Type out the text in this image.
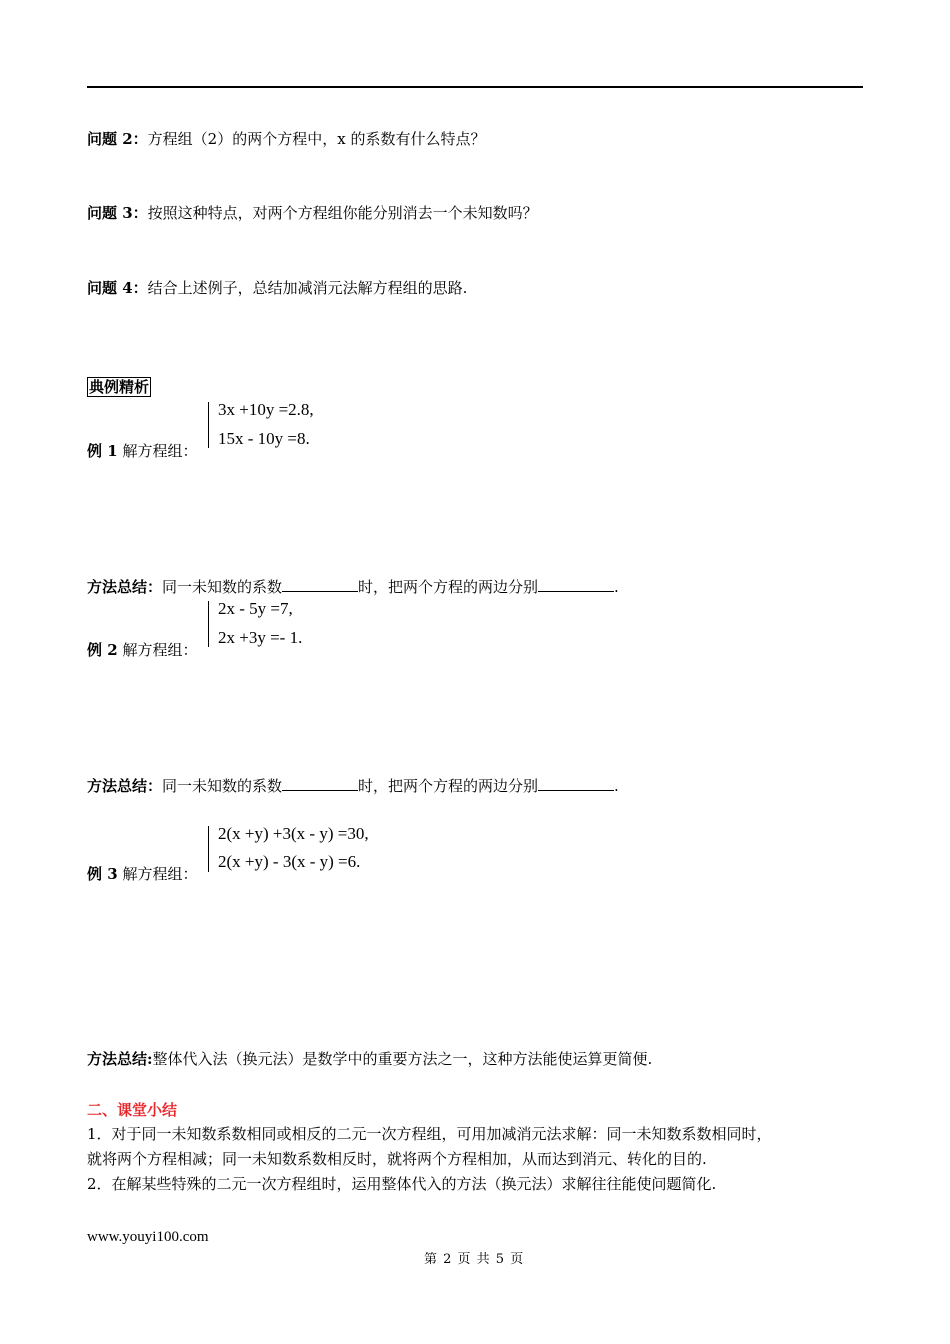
问题 2：方程组（2）的两个方程中，x 的系数有什么特点？
问题 3：按照这种特点，对两个方程组你能分别消去一个未知数吗？
问题 4：结合上述例子，总结加减消元法解方程组的思路.
典例精析
例 1 解方程组：
3x +10y =2.8,
15x - 10y =8.
方法总结：同一未知数的系数	时，把两个方程的两边分别	.
例 2 解方程组：
2x - 5y =7,
2x +3y =- 1.
方法总结：同一未知数的系数	时，把两个方程的两边分别	.
例 3 解方程组：
2(x +y) +3(x - y) =30,
2(x +y) - 3(x - y) =6.
方法总结:整体代入法（换元法）是数学中的重要方法之一，这种方法能使运算更简便.
二、课堂小结
1．对于同一未知数系数相同或相反的二元一次方程组，可用加减消元法求解：同一未知数系数相同时，
就将两个方程相减；同一未知数系数相反时，就将两个方程相加，从而达到消元、转化的目的.
2．在解某些特殊的二元一次方程组时，运用整体代入的方法（换元法）求解往往能使问题简化.
www.youyi100.com
第 2 页 共 5 页
